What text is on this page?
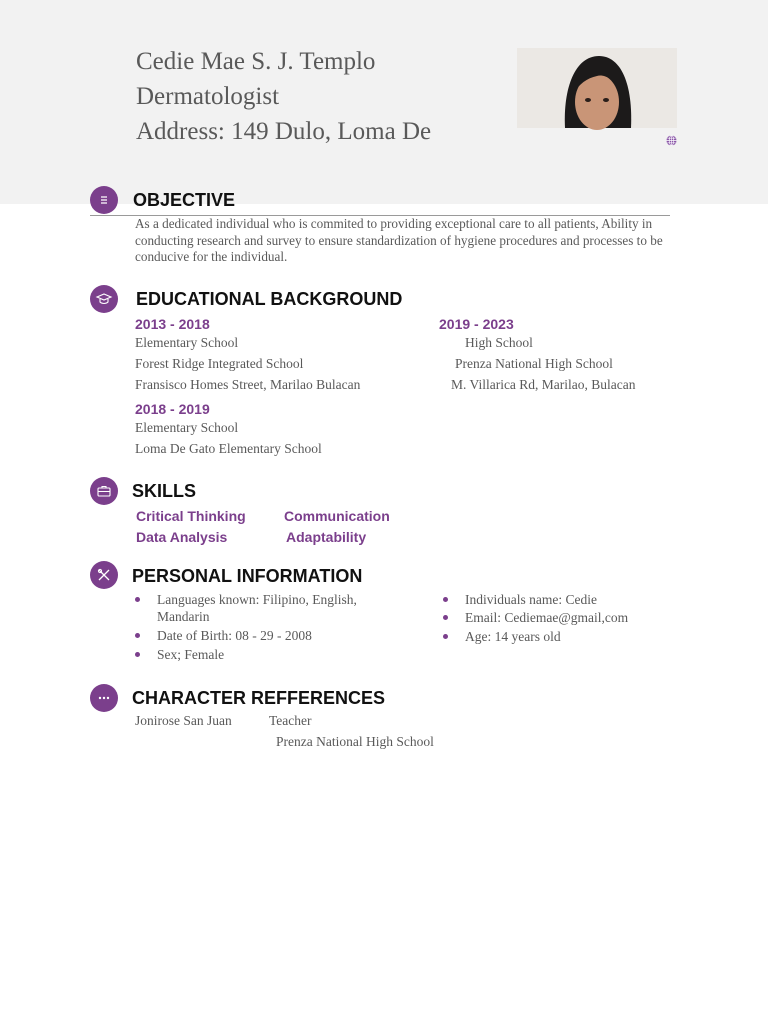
Cedie Mae S. J. Templo
Dermatologist
Address: 149 Dulo, Loma De
OBJECTIVE
As a dedicated individual who is commited to providing exceptional care to all patients, Ability in conducting research and survey to ensure standardization of hygiene procedures and processes to be conducive for the individual.
EDUCATIONAL BACKGROUND
2013 - 2018
Elementary School
Forest Ridge Integrated School
Fransisco Homes Street, Marilao Bulacan
2019 - 2023
High School
Prenza National High School
M. Villarica Rd, Marilao, Bulacan
2018 - 2019
Elementary School
Loma De Gato Elementary School
SKILLS
Critical Thinking	Communication
Data Analysis	Adaptability
PERSONAL INFORMATION
Languages known: Filipino, English,
Mandarin
Date of Birth: 08 - 29 - 2008
Sex; Female
Individuals name: Cedie
Email: Cediemae@gmail,com
Age: 14 years old
CHARACTER REFFERENCES
Jonirose San Juan	Teacher
Prenza National High School
